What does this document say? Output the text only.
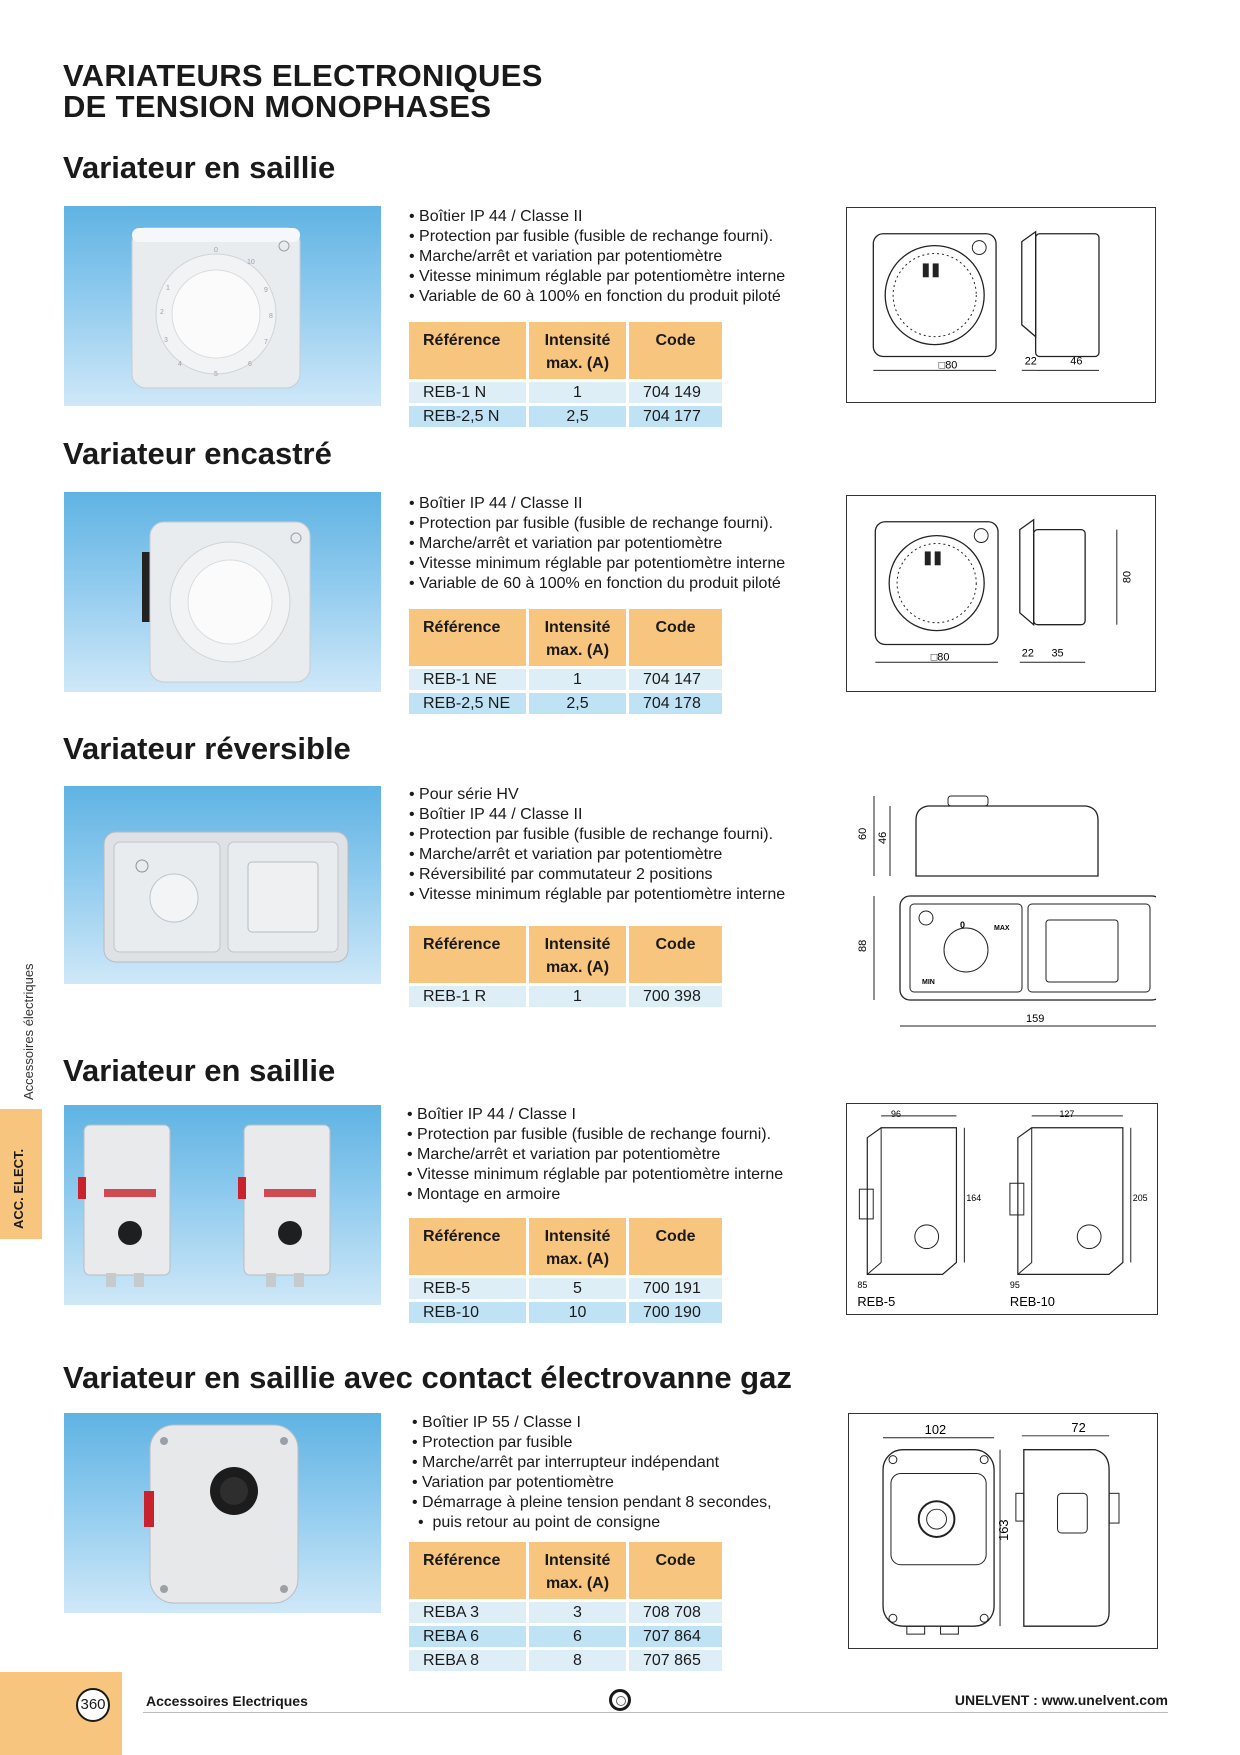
VARIATEURS ELECTRONIQUES
DE TENSION MONOPHASES
Accessoires électriques
ACC. ELECT.
Variateur en saillie
0
10
9
8
7
6
5
4
3
2
1
• Boîtier IP 44 / Classe II
• Protection par fusible (fusible de rechange fourni).
• Marche/arrêt et variation par potentiomètre
• Vitesse minimum réglable par potentiomètre interne
• Variable de 60 à 100% en fonction du produit piloté
Référence	Intensité max. (A)	Code
REB-1 N	1	704 149
REB-2,5 N	2,5	704 177
□80	22	46
Variateur encastré
• Boîtier IP 44 / Classe II
• Protection par fusible (fusible de rechange fourni).
• Marche/arrêt et variation par potentiomètre
• Vitesse minimum réglable par potentiomètre interne
• Variable de 60 à 100% en fonction du produit piloté
Référence	Intensité max. (A)	Code
REB-1 NE	1	704 147
REB-2,5 NE	2,5	704 178
□80	22 35
80
Variateur réversible
• Pour série HV
• Boîtier IP 44 / Classe II
• Protection par fusible (fusible de rechange fourni).
• Marche/arrêt et variation par potentiomètre
• Réversibilité par commutateur 2 positions
• Vitesse minimum réglable par potentiomètre interne
Référence	Intensité max. (A)	Code
REB-1 R	1	700 398
60 46
0	MAX
MIN
88
159
Variateur en saillie
• Boîtier IP 44 / Classe I
• Protection par fusible (fusible de rechange fourni).
• Marche/arrêt et variation par potentiomètre
• Vitesse minimum réglable par potentiomètre interne
• Montage en armoire
Référence	Intensité max. (A)	Code
REB-5	5	700 191
REB-10	10	700 190
96
164
85
REB-5
127
205
95
REB-10
Variateur en saillie avec contact électrovanne gaz
• Boîtier IP 55 / Classe I
• Protection par fusible
• Marche/arrêt par interrupteur indépendant
• Variation par potentiomètre
• Démarrage à pleine tension pendant 8 secondes,
•  puis retour au point de consigne
Référence	Intensité max. (A)	Code
REBA 3	3	708 708
REBA 6	6	707 864
REBA 8	8	707 865
102
163
72
360	Accessoires Electriques	UNELVENT : www.unelvent.com
